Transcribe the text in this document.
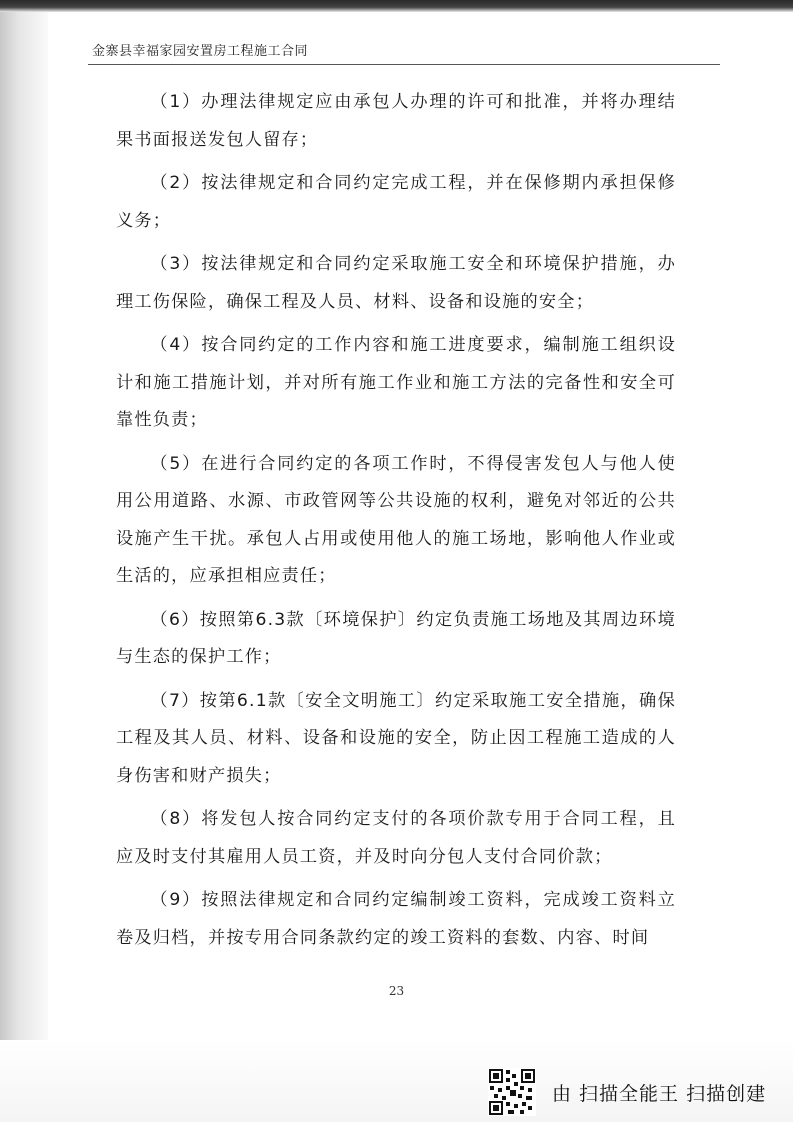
金寨县幸福家园安置房工程施工合同

（1）办理法律规定应由承包人办理的许可和批准，并将办理结果书面报送发包人留存；

（2）按法律规定和合同约定完成工程，并在保修期内承担保修义务；

（3）按法律规定和合同约定采取施工安全和环境保护措施，办理工伤保险，确保工程及人员、材料、设备和设施的安全；

（4）按合同约定的工作内容和施工进度要求，编制施工组织设计和施工措施计划，并对所有施工作业和施工方法的完备性和安全可靠性负责；

（5）在进行合同约定的各项工作时，不得侵害发包人与他人使用公用道路、水源、市政管网等公共设施的权利，避免对邻近的公共设施产生干扰。承包人占用或使用他人的施工场地，影响他人作业或生活的，应承担相应责任；

（6）按照第6.3款〔环境保护〕约定负责施工场地及其周边环境与生态的保护工作；

（7）按第6.1款〔安全文明施工〕约定采取施工安全措施，确保工程及其人员、材料、设备和设施的安全，防止因工程施工造成的人身伤害和财产损失；

（8）将发包人按合同约定支付的各项价款专用于合同工程，且应及时支付其雇用人员工资，并及时向分包人支付合同价款；

（9）按照法律规定和合同约定编制竣工资料，完成竣工资料立卷及归档，并按专用合同条款约定的竣工资料的套数、内容、时间

23
由 扫描全能王 扫描创建
